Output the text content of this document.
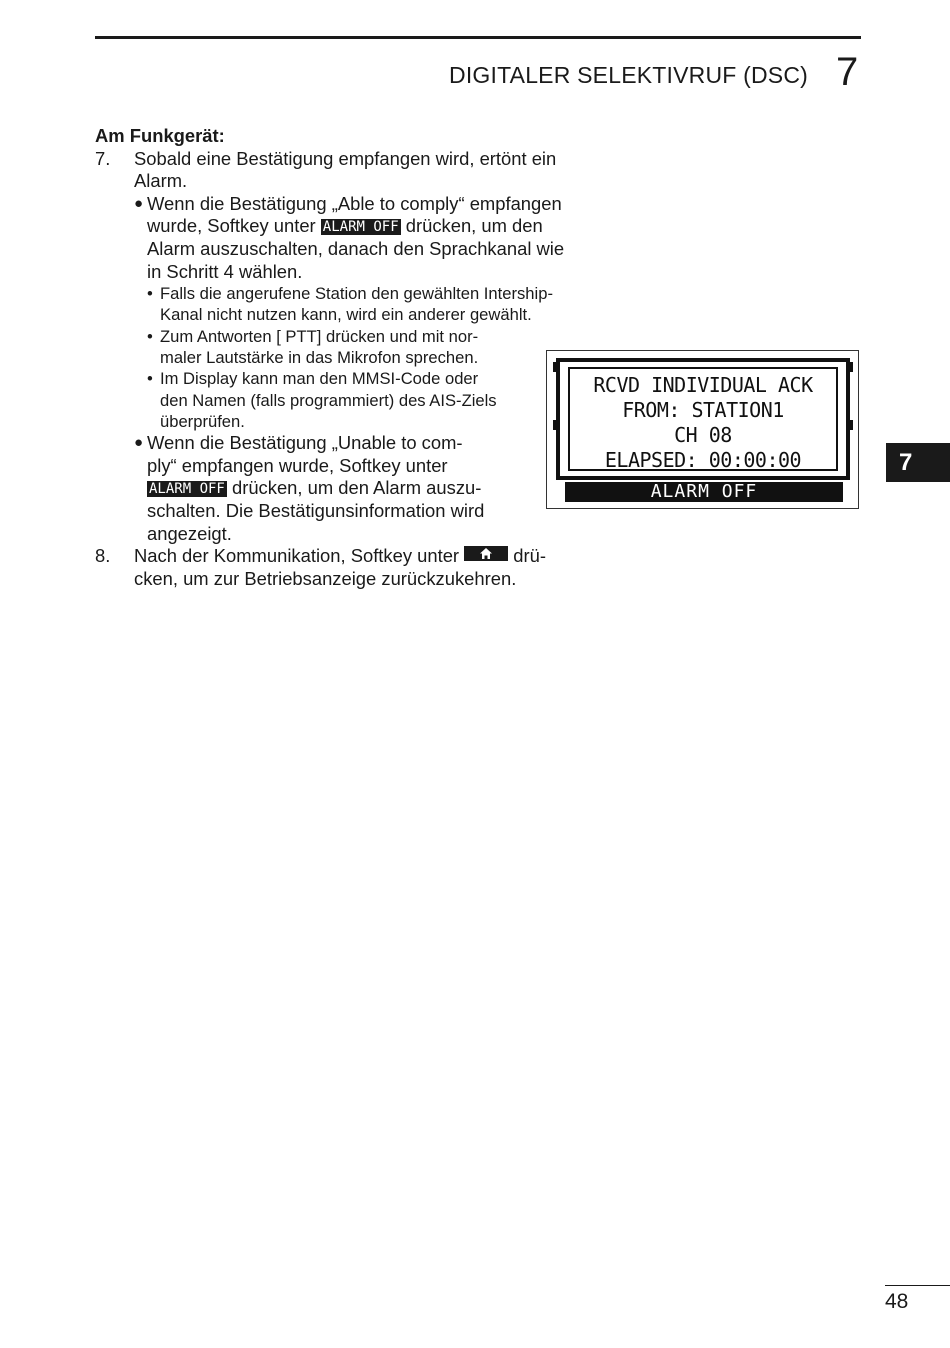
DIGITALER SELEKTIVRUF (DSC) 7

Am Funkgerät:

7. Sobald eine Bestätigung empfangen wird, ertönt ein

Alarm.

● Wenn die Bestätigung „Able to comply“ empfangen

wurde, Softkey unter ALARM OFF drücken, um den

Alarm auszuschalten, danach den Sprachkanal wie

in Schritt 4 wählen.

• Falls die angerufene Station den gewählten Intership-

Kanal nicht nutzen kann, wird ein anderer gewählt.

• Zum Antworten [ PTT] drücken und mit nor-

maler Lautstärke in das Mikrofon sprechen.

• Im Display kann man den MMSI-Code oder

den Namen (falls programmiert) des AIS-Ziels

überprüfen.

● Wenn die Bestätigung „Unable to com-

ply“ empfangen wurde, Softkey unter

ALARM OFF drücken, um den Alarm auszu-

schalten. Die Bestätigunsinformation wird

angezeigt.

8. Nach der Kommunikation, Softkey unter
drü-

cken, um zur Betriebsanzeige zurückzukehren.

RCVD INDIVIDUAL ACK
FROM: STATION1
CH 08
ELAPSED: 00:00:00
ALARM OFF
7
48
